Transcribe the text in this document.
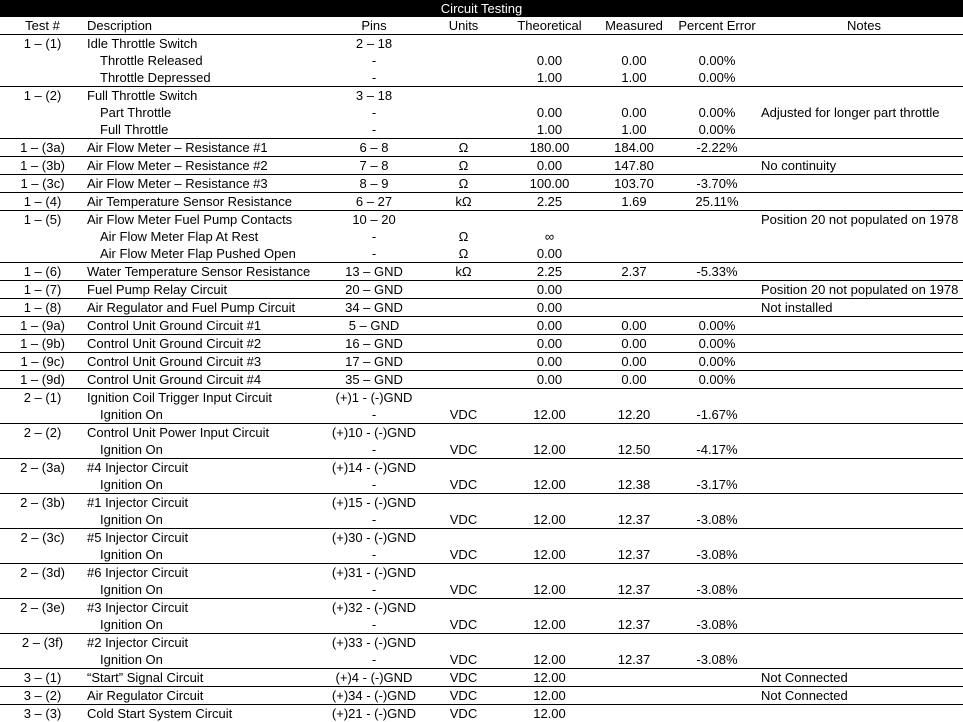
Circuit Testing
Test #	Description	Pins	Units	Theoretical	Measured	Percent Error	Notes
1 – (1)	Idle Throttle Switch	2 – 18					
	Throttle Released	-		0.00	0.00	0.00%	
	Throttle Depressed	-		1.00	1.00	0.00%	
1 – (2)	Full Throttle Switch	3 – 18					
	Part Throttle	-		0.00	0.00	0.00%	Adjusted for longer part throttle
	Full Throttle	-		1.00	1.00	0.00%	
1 – (3a)	Air Flow Meter – Resistance #1	6 – 8	Ω	180.00	184.00	-2.22%	
1 – (3b)	Air Flow Meter – Resistance #2	7 – 8	Ω	0.00	147.80		No continuity
1 – (3c)	Air Flow Meter – Resistance #3	8 – 9	Ω	100.00	103.70	-3.70%	
1 – (4)	Air Temperature Sensor Resistance	6 – 27	kΩ	2.25	1.69	25.11%	
1 – (5)	Air Flow Meter Fuel Pump Contacts	10 – 20					Position 20 not populated on 1978
	Air Flow Meter Flap At Rest	-	Ω	∞			
	Air Flow Meter Flap Pushed Open	-	Ω	0.00			
1 – (6)	Water Temperature Sensor Resistance	13 – GND	kΩ	2.25	2.37	-5.33%	
1 – (7)	Fuel Pump Relay Circuit	20 – GND		0.00			Position 20 not populated on 1978
1 – (8)	Air Regulator and Fuel Pump Circuit	34 – GND		0.00			Not installed
1 – (9a)	Control Unit Ground Circuit #1	5 – GND		0.00	0.00	0.00%	
1 – (9b)	Control Unit Ground Circuit #2	16 – GND		0.00	0.00	0.00%	
1 – (9c)	Control Unit Ground Circuit #3	17 – GND		0.00	0.00	0.00%	
1 – (9d)	Control Unit Ground Circuit #4	35 – GND		0.00	0.00	0.00%	
2 – (1)	Ignition Coil Trigger Input Circuit	(+)1 - (-)GND					
	Ignition On	-	VDC	12.00	12.20	-1.67%	
2 – (2)	Control Unit Power Input Circuit	(+)10 - (-)GND					
	Ignition On	-	VDC	12.00	12.50	-4.17%	
2 – (3a)	#4 Injector Circuit	(+)14 - (-)GND					
	Ignition On	-	VDC	12.00	12.38	-3.17%	
2 – (3b)	#1 Injector Circuit	(+)15 - (-)GND					
	Ignition On	-	VDC	12.00	12.37	-3.08%	
2 – (3c)	#5 Injector Circuit	(+)30 - (-)GND					
	Ignition On	-	VDC	12.00	12.37	-3.08%	
2 – (3d)	#6 Injector Circuit	(+)31 - (-)GND					
	Ignition On	-	VDC	12.00	12.37	-3.08%	
2 – (3e)	#3 Injector Circuit	(+)32 - (-)GND					
	Ignition On	-	VDC	12.00	12.37	-3.08%	
2 – (3f)	#2 Injector Circuit	(+)33 - (-)GND					
	Ignition On	-	VDC	12.00	12.37	-3.08%	
3 – (1)	“Start” Signal Circuit	(+)4 - (-)GND	VDC	12.00			Not Connected
3 – (2)	Air Regulator Circuit	(+)34 - (-)GND	VDC	12.00			Not Connected
3 – (3)	Cold Start System Circuit	(+)21 - (-)GND	VDC	12.00			
